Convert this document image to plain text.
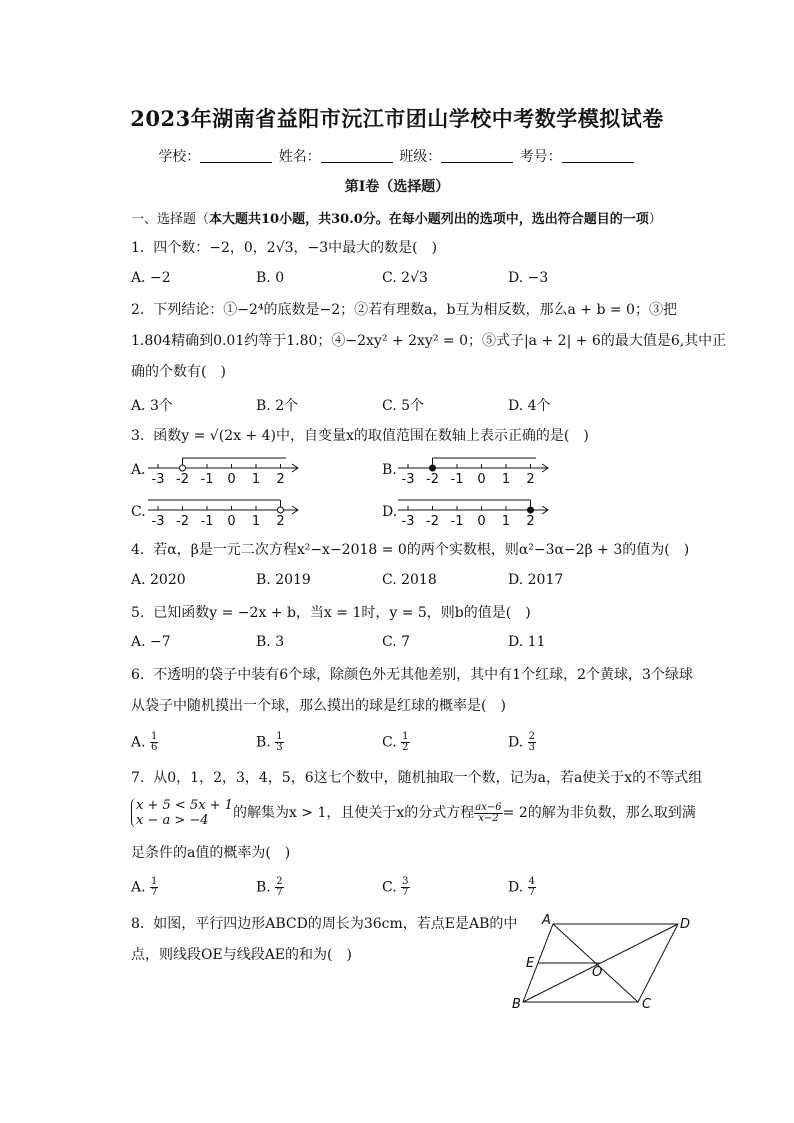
2023年湖南省益阳市沅江市团山学校中考数学模拟试卷
学校：	姓名：	班级：	考号：
第I卷（选择题）
一、选择题（本大题共10小题，共30.0分。在每小题列出的选项中，选出符合题目的一项）
1. 四个数：−2，0，2√3，−3中最大的数是(　)
A. −2	B. 0	C. 2√3	D. −3
2. 下列结论：①−2⁴的底数是−2；②若有理数a，b互为相反数，那么a + b = 0；③把
1.804精确到0.01约等于1.80；④−2xy² + 2xy² = 0；⑤式子|a + 2| + 6的最大值是6,其中正
确的个数有(　)
A. 3个	B. 2个	C. 5个	D. 4个
3. 函数y = √(2x + 4)中，自变量x的取值范围在数轴上表示正确的是(　)
A.	B.
C.	D.
-3 -2 -1 0 1 2	-3 -2 -1 0 1 2
-3 -2 -1 0 1 2	-3 -2 -1 0 1 2
4. 若α，β是一元二次方程x²−x−2018 = 0的两个实数根，则α²−3α−2β + 3的值为(　)
A. 2020	B. 2019	C. 2018	D. 2017
5. 已知函数y = −2x + b，当x = 1时，y = 5，则b的值是(　)
A. −7	B. 3	C. 7	D. 11
6. 不透明的袋子中装有6个球，除颜色外无其他差别，其中有1个红球，2个黄球，3个绿球
从袋子中随机摸出一个球，那么摸出的球是红球的概率是(　)
A. $\frac{1}{6}$	B. $\frac{1}{3}$	C. $\frac{1}{2}$	D. $\frac{2}{3}$
7. 从0，1，2，3，4，5，6这七个数中，随机抽取一个数，记为a，若a使关于x的不等式组
x + 5 < 5x + 1
x − a > −4	的解集为x > 1，且使关于x的分式方程 $\frac{ax-6}{x-2} = 2$的解为非负数，那么取到满
足条件的a值的概率为(　)
A. $\frac{1}{7}$	B. $\frac{2}{7}$	C. $\frac{3}{7}$	D. $\frac{4}{7}$
8. 如图，平行四边形ABCD的周长为36cm，若点E是AB的中
点，则线段OE与线段AE的和为(　)
A	D
E
O
B	C
